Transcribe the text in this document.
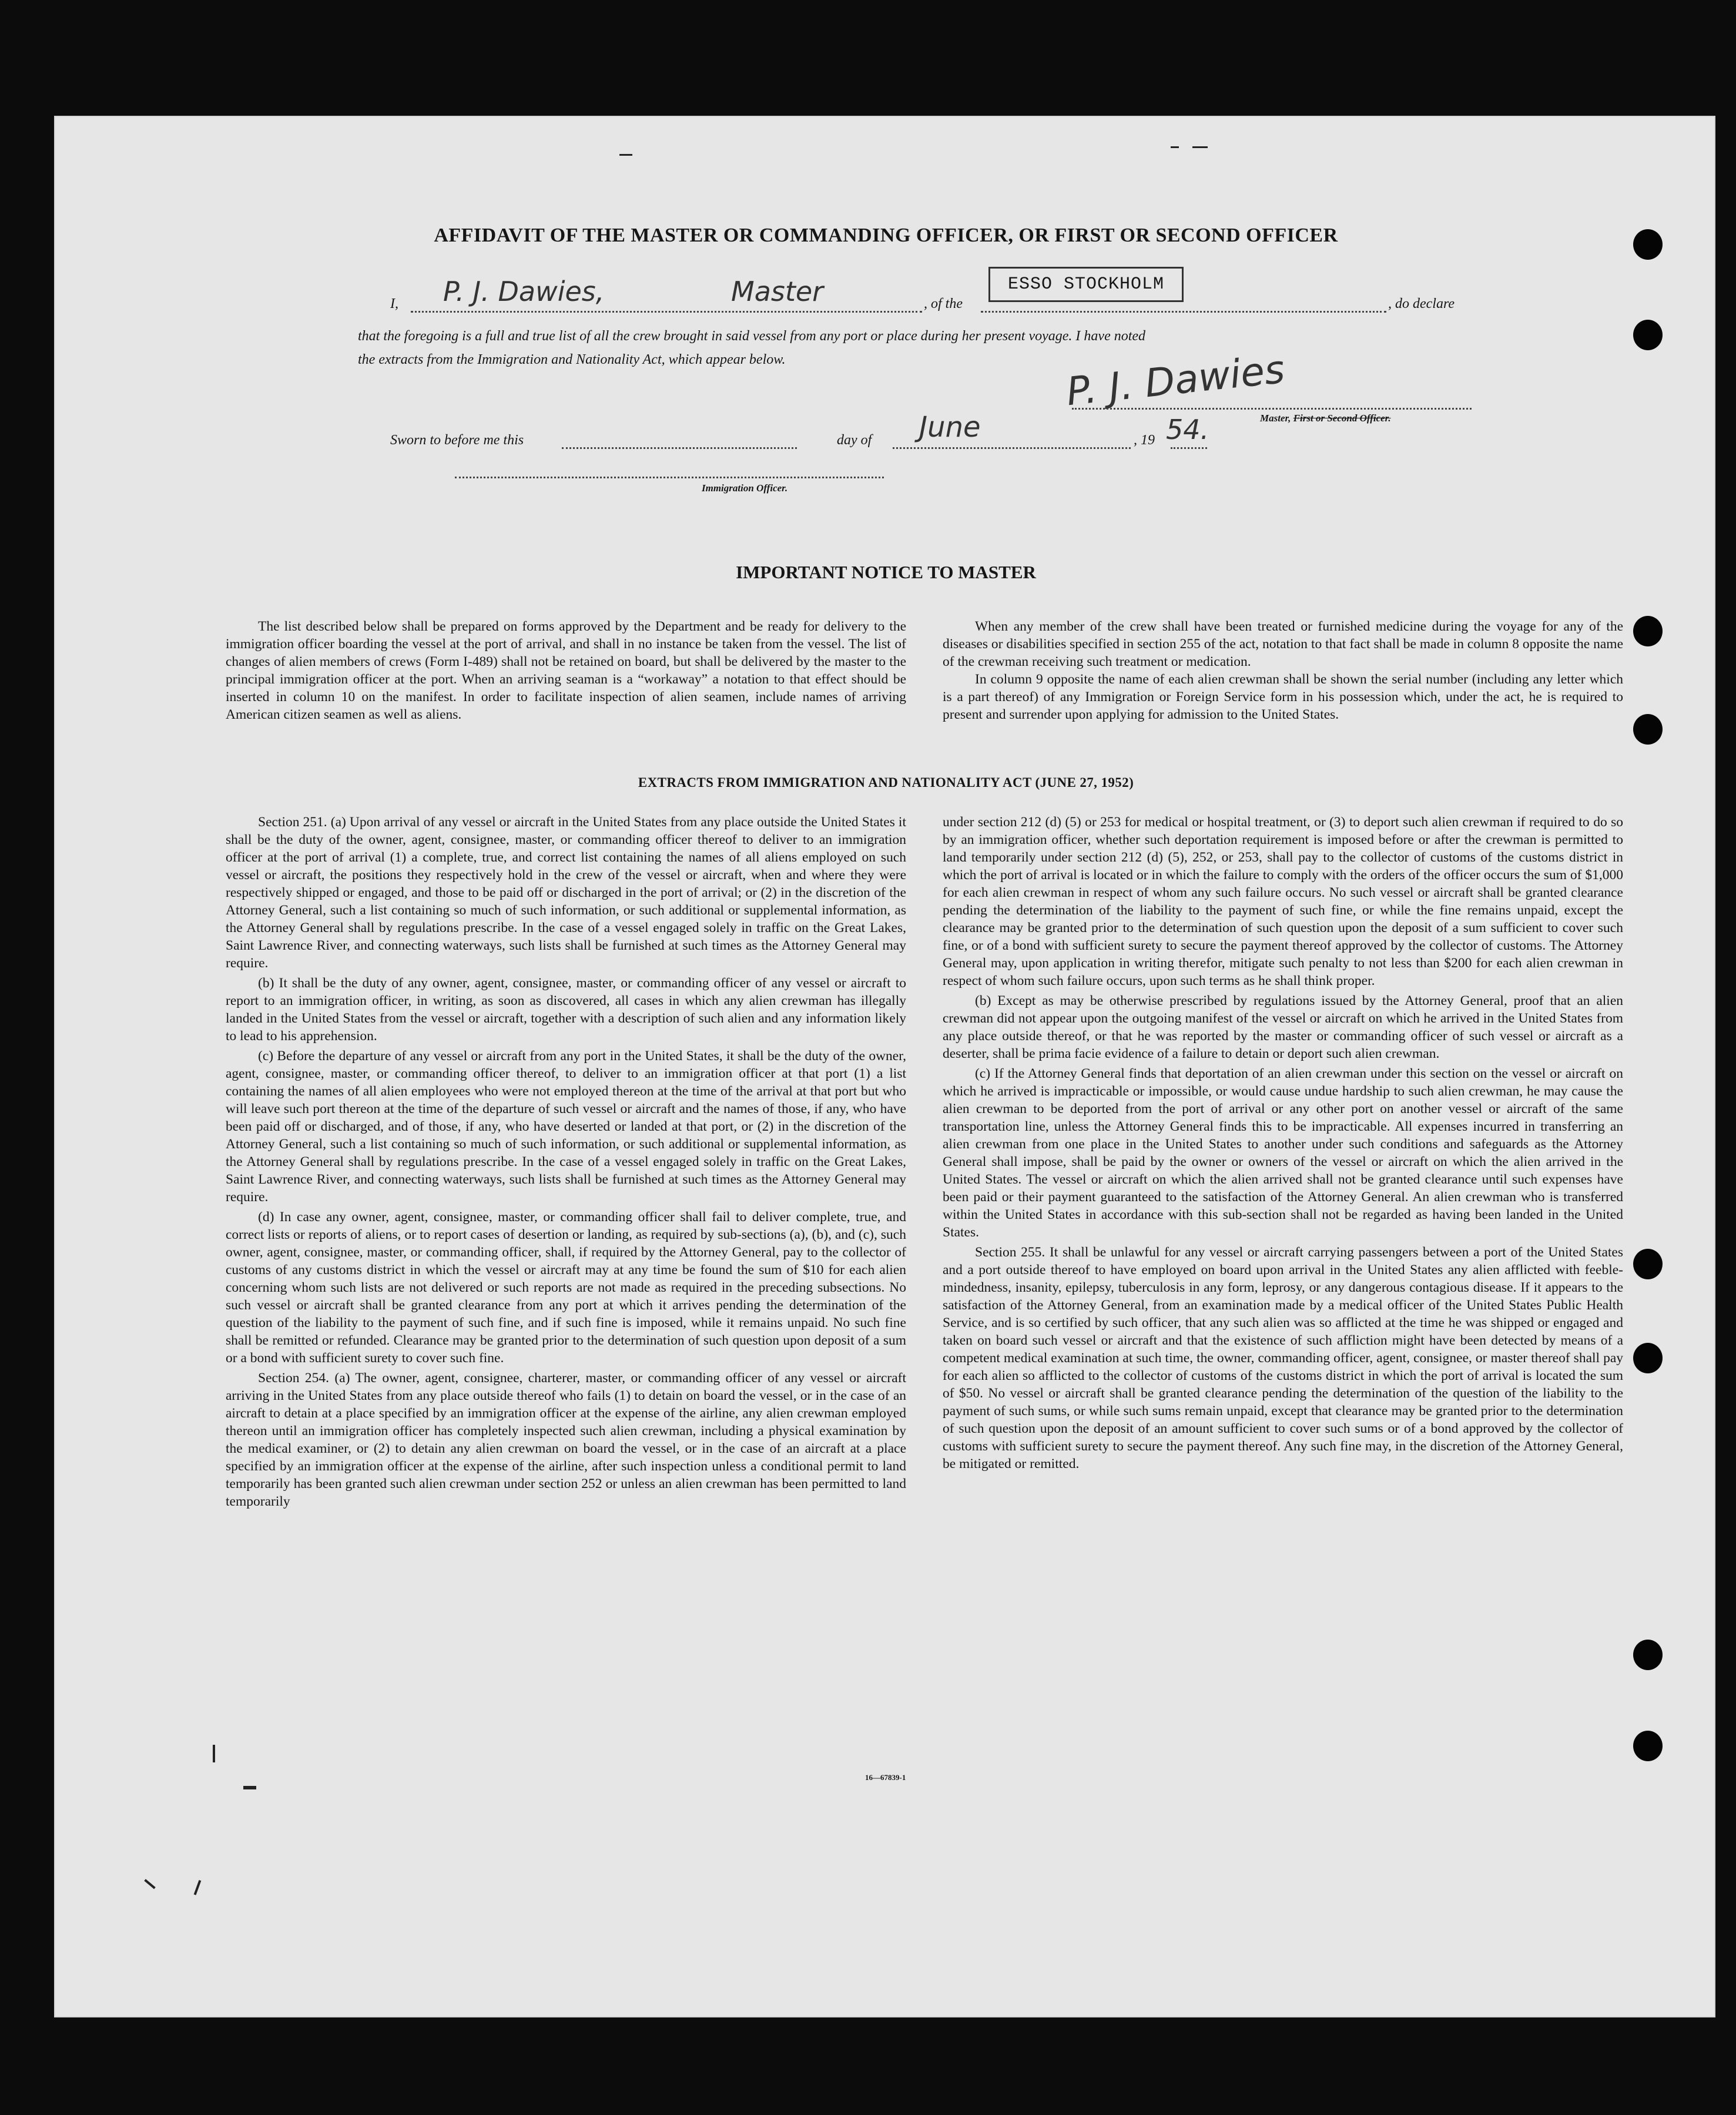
AFFIDAVIT OF THE MASTER OR COMMANDING OFFICER, OR FIRST OR SECOND OFFICER
I, P. J. Dawies,	Master	, of the
ESSO STOCKHOLM
, do declare
that the foregoing is a full and true list of all the crew brought in said vessel from any port or place during her present voyage. I have noted
the extracts from the Immigration and Nationality Act, which appear below.	P. J. Dawies
Master, First or Second Officer.
Sworn to before me this	day of June	, 19 54.
Immigration Officer.
IMPORTANT NOTICE TO MASTER

The list described below shall be prepared on forms approved by the Department and be ready for delivery to the immigration officer boarding the vessel at the port of arrival, and shall in no instance be taken from the vessel. The list of changes of alien members of crews (Form I-489) shall not be retained on board, but shall be delivered by the master to the principal immigration officer at the port. When an arriving seaman is a “workaway” a notation to that effect should be inserted in column 10 on the manifest. In order to facilitate inspection of alien seamen, include names of arriving American citizen seamen as well as aliens.

When any member of the crew shall have been treated or furnished medicine during the voyage for any of the diseases or disabilities specified in section 255 of the act, notation to that fact shall be made in column 8 opposite the name of the crewman receiving such treatment or medication.

In column 9 opposite the name of each alien crewman shall be shown the serial number (including any letter which is a part thereof) of any Immigration or Foreign Service form in his possession which, under the act, he is required to present and surrender upon applying for admission to the United States.

EXTRACTS FROM IMMIGRATION AND NATIONALITY ACT (JUNE 27, 1952)

Section 251. (a) Upon arrival of any vessel or aircraft in the United States from any place outside the United States it shall be the duty of the owner, agent, consignee, master, or commanding officer thereof to deliver to an immigration officer at the port of arrival (1) a complete, true, and correct list containing the names of all aliens employed on such vessel or aircraft, the positions they respectively hold in the crew of the vessel or aircraft, when and where they were respectively shipped or engaged, and those to be paid off or discharged in the port of arrival; or (2) in the discretion of the Attorney General, such a list containing so much of such information, or such additional or supplemental information, as the Attorney General shall by regulations prescribe. In the case of a vessel engaged solely in traffic on the Great Lakes, Saint Lawrence River, and connecting waterways, such lists shall be furnished at such times as the Attorney General may require.

(b) It shall be the duty of any owner, agent, consignee, master, or commanding officer of any vessel or aircraft to report to an immigration officer, in writing, as soon as discovered, all cases in which any alien crewman has illegally landed in the United States from the vessel or aircraft, together with a description of such alien and any information likely to lead to his apprehension.

(c) Before the departure of any vessel or aircraft from any port in the United States, it shall be the duty of the owner, agent, consignee, master, or commanding officer thereof, to deliver to an immigration officer at that port (1) a list containing the names of all alien employees who were not employed thereon at the time of the arrival at that port but who will leave such port thereon at the time of the departure of such vessel or aircraft and the names of those, if any, who have been paid off or discharged, and of those, if any, who have deserted or landed at that port, or (2) in the discretion of the Attorney General, such a list containing so much of such information, or such additional or supplemental information, as the Attorney General shall by regulations prescribe. In the case of a vessel engaged solely in traffic on the Great Lakes, Saint Lawrence River, and connecting waterways, such lists shall be furnished at such times as the Attorney General may require.

(d) In case any owner, agent, consignee, master, or commanding officer shall fail to deliver complete, true, and correct lists or reports of aliens, or to report cases of desertion or landing, as required by sub-sections (a), (b), and (c), such owner, agent, consignee, master, or commanding officer, shall, if required by the Attorney General, pay to the collector of customs of any customs district in which the vessel or aircraft may at any time be found the sum of $10 for each alien concerning whom such lists are not delivered or such reports are not made as required in the preceding subsections. No such vessel or aircraft shall be granted clearance from any port at which it arrives pending the determination of the question of the liability to the payment of such fine, and if such fine is imposed, while it remains unpaid. No such fine shall be remitted or refunded. Clearance may be granted prior to the determination of such question upon deposit of a sum or a bond with sufficient surety to cover such fine.

Section 254. (a) The owner, agent, consignee, charterer, master, or commanding officer of any vessel or aircraft arriving in the United States from any place outside thereof who fails (1) to detain on board the vessel, or in the case of an aircraft to detain at a place specified by an immigration officer at the expense of the airline, any alien crewman employed thereon until an immigration officer has completely inspected such alien crewman, including a physical examination by the medical examiner, or (2) to detain any alien crewman on board the vessel, or in the case of an aircraft at a place specified by an immigration officer at the expense of the airline, after such inspection unless a conditional permit to land temporarily has been granted such alien crewman under section 252 or unless an alien crewman has been permitted to land temporarily

under section 212 (d) (5) or 253 for medical or hospital treatment, or (3) to deport such alien crewman if required to do so by an immigration officer, whether such deportation requirement is imposed before or after the crewman is permitted to land temporarily under section 212 (d) (5), 252, or 253, shall pay to the collector of customs of the customs district in which the port of arrival is located or in which the failure to comply with the orders of the officer occurs the sum of $1,000 for each alien crewman in respect of whom any such failure occurs. No such vessel or aircraft shall be granted clearance pending the determination of the liability to the payment of such fine, or while the fine remains unpaid, except the clearance may be granted prior to the determination of such question upon the deposit of a sum sufficient to cover such fine, or of a bond with sufficient surety to secure the payment thereof approved by the collector of customs. The Attorney General may, upon application in writing therefor, mitigate such penalty to not less than $200 for each alien crewman in respect of whom such failure occurs, upon such terms as he shall think proper.

(b) Except as may be otherwise prescribed by regulations issued by the Attorney General, proof that an alien crewman did not appear upon the outgoing manifest of the vessel or aircraft on which he arrived in the United States from any place outside thereof, or that he was reported by the master or commanding officer of such vessel or aircraft as a deserter, shall be prima facie evidence of a failure to detain or deport such alien crewman.

(c) If the Attorney General finds that deportation of an alien crewman under this section on the vessel or aircraft on which he arrived is impracticable or impossible, or would cause undue hardship to such alien crewman, he may cause the alien crewman to be deported from the port of arrival or any other port on another vessel or aircraft of the same transportation line, unless the Attorney General finds this to be impracticable. All expenses incurred in transferring an alien crewman from one place in the United States to another under such conditions and safeguards as the Attorney General shall impose, shall be paid by the owner or owners of the vessel or aircraft on which the alien arrived in the United States. The vessel or aircraft on which the alien arrived shall not be granted clearance until such expenses have been paid or their payment guaranteed to the satisfaction of the Attorney General. An alien crewman who is transferred within the United States in accordance with this sub-section shall not be regarded as having been landed in the United States.

Section 255. It shall be unlawful for any vessel or aircraft carrying passengers between a port of the United States and a port outside thereof to have employed on board upon arrival in the United States any alien afflicted with feeble-mindedness, insanity, epilepsy, tuberculosis in any form, leprosy, or any dangerous contagious disease. If it appears to the satisfaction of the Attorney General, from an examination made by a medical officer of the United States Public Health Service, and is so certified by such officer, that any such alien was so afflicted at the time he was shipped or engaged and taken on board such vessel or aircraft and that the existence of such affliction might have been detected by means of a competent medical examination at such time, the owner, commanding officer, agent, consignee, or master thereof shall pay for each alien so afflicted to the collector of customs of the customs district in which the port of arrival is located the sum of $50. No vessel or aircraft shall be granted clearance pending the determination of the question of the liability to the payment of such sums, or while such sums remain unpaid, except that clearance may be granted prior to the determination of such question upon the deposit of an amount sufficient to cover such sums or of a bond approved by the collector of customs with sufficient surety to secure the payment thereof. Any such fine may, in the discretion of the Attorney General, be mitigated or remitted.

16—67839-1
